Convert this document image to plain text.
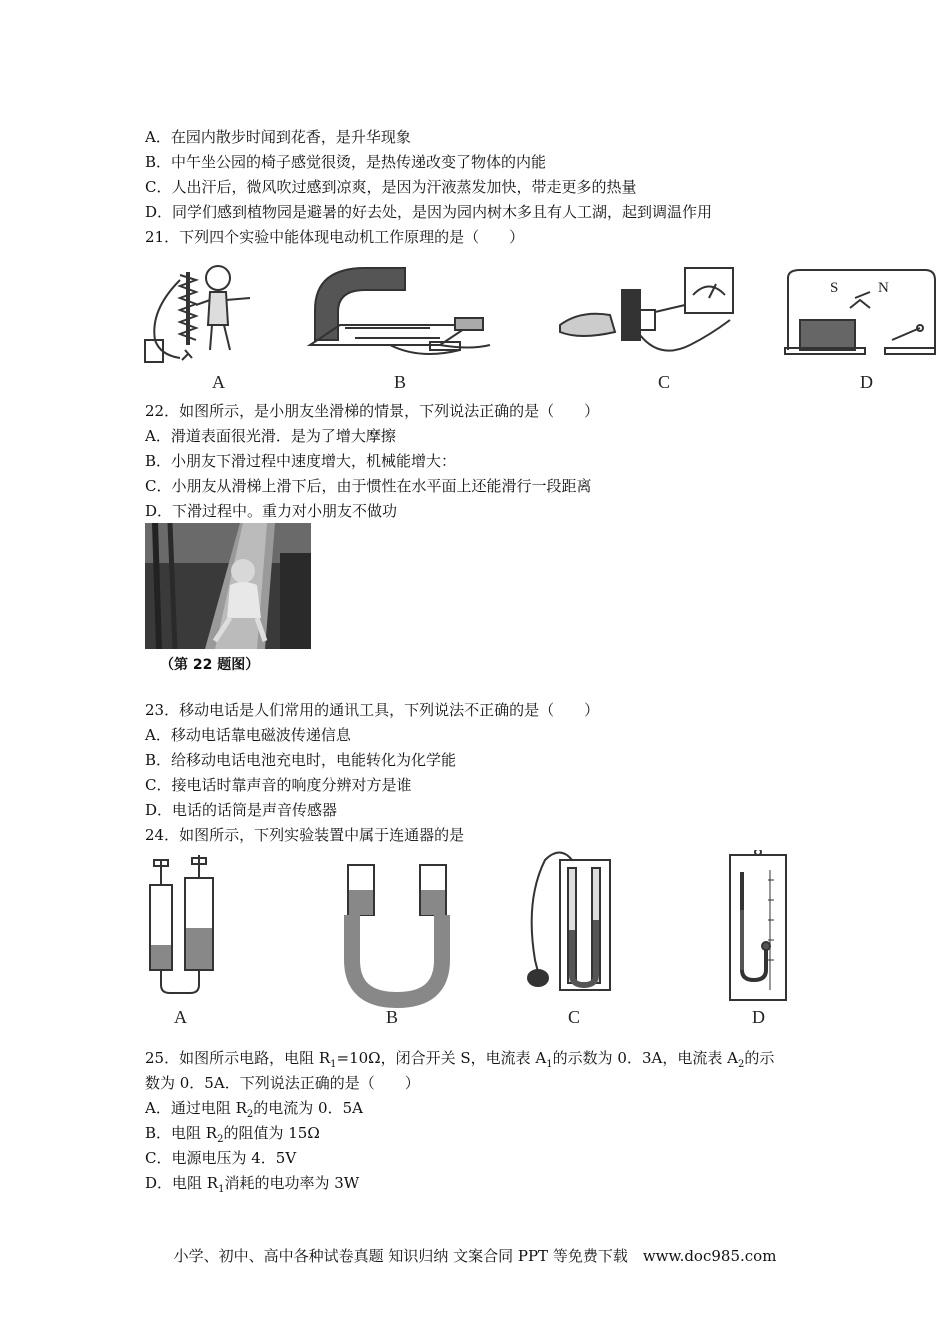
A．在园内散步时闻到花香，是升华现象
B．中午坐公园的椅子感觉很烫，是热传递改变了物体的内能
C．人出汗后，微风吹过感到凉爽，是因为汗液蒸发加快，带走更多的热量
D．同学们感到植物园是避暑的好去处，是因为园内树木多且有人工湖，起到调温作用
21．下列四个实验中能体现电动机工作原理的是（　　）
A	B	C
S	N
D
22．如图所示，是小朋友坐滑梯的情景，下列说法正确的是（　　）
A．滑道表面很光滑．是为了增大摩擦
B．小朋友下滑过程中速度增大，机械能增大：
C．小朋友从滑梯上滑下后，由于惯性在水平面上还能滑行一段距离
D．下滑过程中。重力对小朋友不做功
（第 22 题图）
23．移动电话是人们常用的通讯工具，下列说法不正确的是（　　）
A．移动电话靠电磁波传递信息
B．给移动电话电池充电时，电能转化为化学能
C．接电话时靠声音的响度分辨对方是谁
D．电话的话筒是声音传感器
24．如图所示，下列实验装置中属于连通器的是
A	B	C	D
25．如图所示电路，电阻 $R_1=10\Omega$，闭合开关 S，电流表 $A_1$的示数为 0．3A，电流表 $A_2$的示
数为 0．5A．下列说法正确的是（　　）
A．通过电阻 $R_2$的电流为 0．5A
B．电阻 $R_2$的阻值为 15Ω
C．电源电压为 4．5V
D．电阻 $R_1$消耗的电功率为 3W
小学、初中、高中各种试卷真题 知识归纳 文案合同 PPT 等免费下载　www.doc985.com
